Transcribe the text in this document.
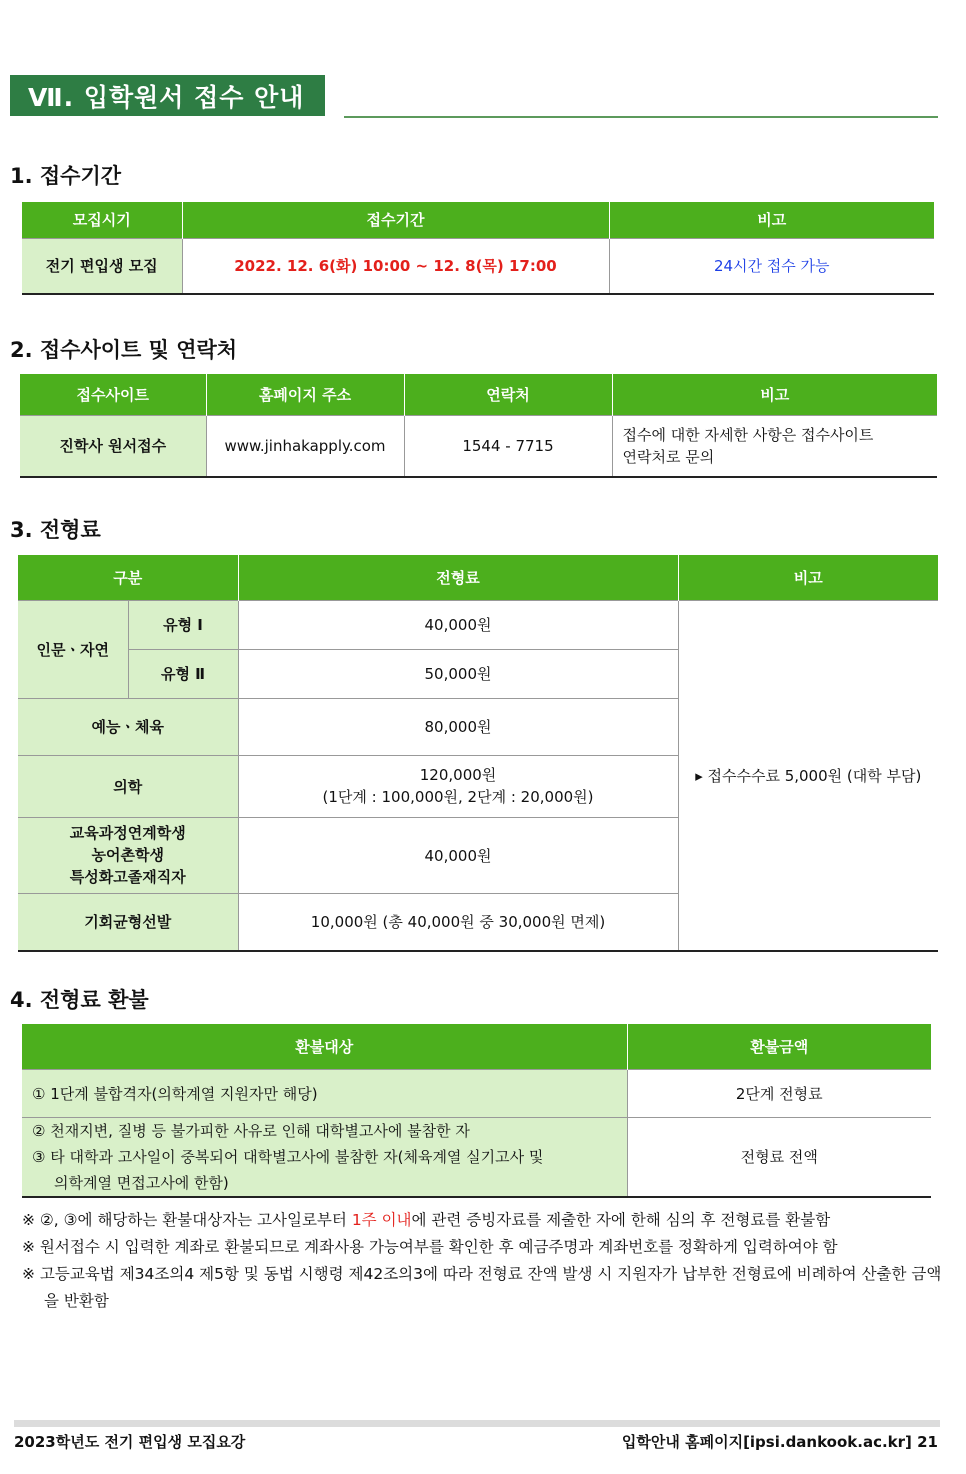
Ⅶ. 입학원서 접수 안내
1. 접수기간
모집시기	접수기간	비고
전기 편입생 모집	2022. 12. 6(화) 10:00 ~ 12. 8(목) 17:00	24시간 접수 가능
2. 접수사이트 및 연락처
접수사이트	홈페이지 주소	연락처	비고
진학사 원서접수	www.jinhakapply.com	1544 - 7715	접수에 대한 자세한 사항은 접수사이트
연락처로 문의
3. 전형료
구분		전형료	비고
인문ㆍ자연	유형 Ⅰ	40,000원	▸ 접수수수료 5,000원 (대학 부담)
	유형 Ⅱ	50,000원	
예능ㆍ체육		80,000원	
의학		120,000원
(1단계 : 100,000원, 2단계 : 20,000원)	

교육과정연계학생
농어촌학생
특성화고졸재직자		40,000원	
기회균형선발		10,000원 (총 40,000원 중 30,000원 면제)	
4. 전형료 환불
환불대상	환불금액
① 1단계 불합격자(의학계열 지원자만 해당)	2단계 전형료

② 천재지변, 질병 등 불가피한 사유로 인해 대학별고사에 불참한 자
③ 타 대학과 고사일이 중복되어 대학별고사에 불참한 자(체육계열 실기고사 및
의학계열 면접고사에 한함)	전형료 전액
※ ②, ③에 해당하는 환불대상자는 고사일로부터 1주 이내에 관련 증빙자료를 제출한 자에 한해 심의 후 전형료를 환불함
※ 원서접수 시 입력한 계좌로 환불되므로 계좌사용 가능여부를 확인한 후 예금주명과 계좌번호를 정확하게 입력하여야 함
※ 고등교육법 제34조의4 제5항 및 동법 시행령 제42조의3에 따라 전형료 잔액 발생 시 지원자가 납부한 전형료에 비례하여 산출한 금액을 반환함
2023학년도 전기 편입생 모집요강	입학안내 홈페이지[ipsi.dankook.ac.kr] 21
